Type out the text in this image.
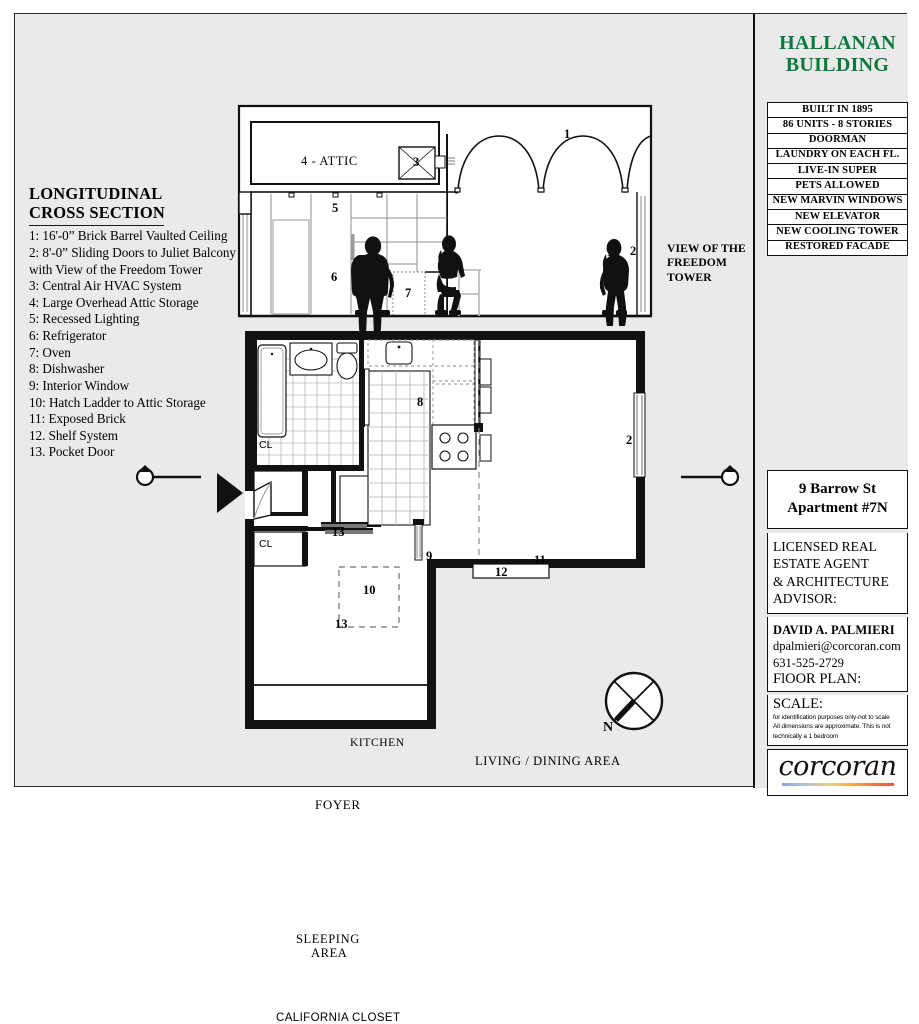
LONGITUDINAL
CROSS SECTION
1: 16'-0” Brick Barrel Vaulted Ceiling
2: 8'-0” Sliding Doors to Juliet Balcony
with View of the Freedom Tower
3: Central Air HVAC System
4: Large Overhead Attic Storage
5: Recessed Lighting
6: Refrigerator
7: Oven
8: Dishwasher
9: Interior Window
10: Hatch Ladder to Attic Storage
11: Exposed Brick
12. Shelf System
13. Pocket Door
4 - ATTIC	3
1
2
5
6
7
VIEW OF THE
FREEDOM
TOWER
KITCHEN
LIVING / DINING AREA
FOYER
SLEEPING
AREA
CALIFORNIA CLOSET
CL
CL
2
8
9
10
11
12
13
13
N
HALLANAN
BUILDING
BUILT IN 1895
86 UNITS - 8 STORIES
DOORMAN
LAUNDRY ON EACH FL.
LIVE-IN SUPER
PETS ALLOWED
NEW MARVIN WINDOWS
NEW ELEVATOR
NEW COOLING TOWER
RESTORED FACADE
9 Barrow St
Apartment #7N
LICENSED REAL
ESTATE AGENT
& ARCHITECTURE
ADVISOR:
DAVID A. PALMIERI
dpalmieri@corcoran.com
631-525-2729
FlOOR PLAN:
SCALE:
for identification purposes only-not to scale
All dimensions are approximate. This is not
technically a 1 bedroom
corcoran
